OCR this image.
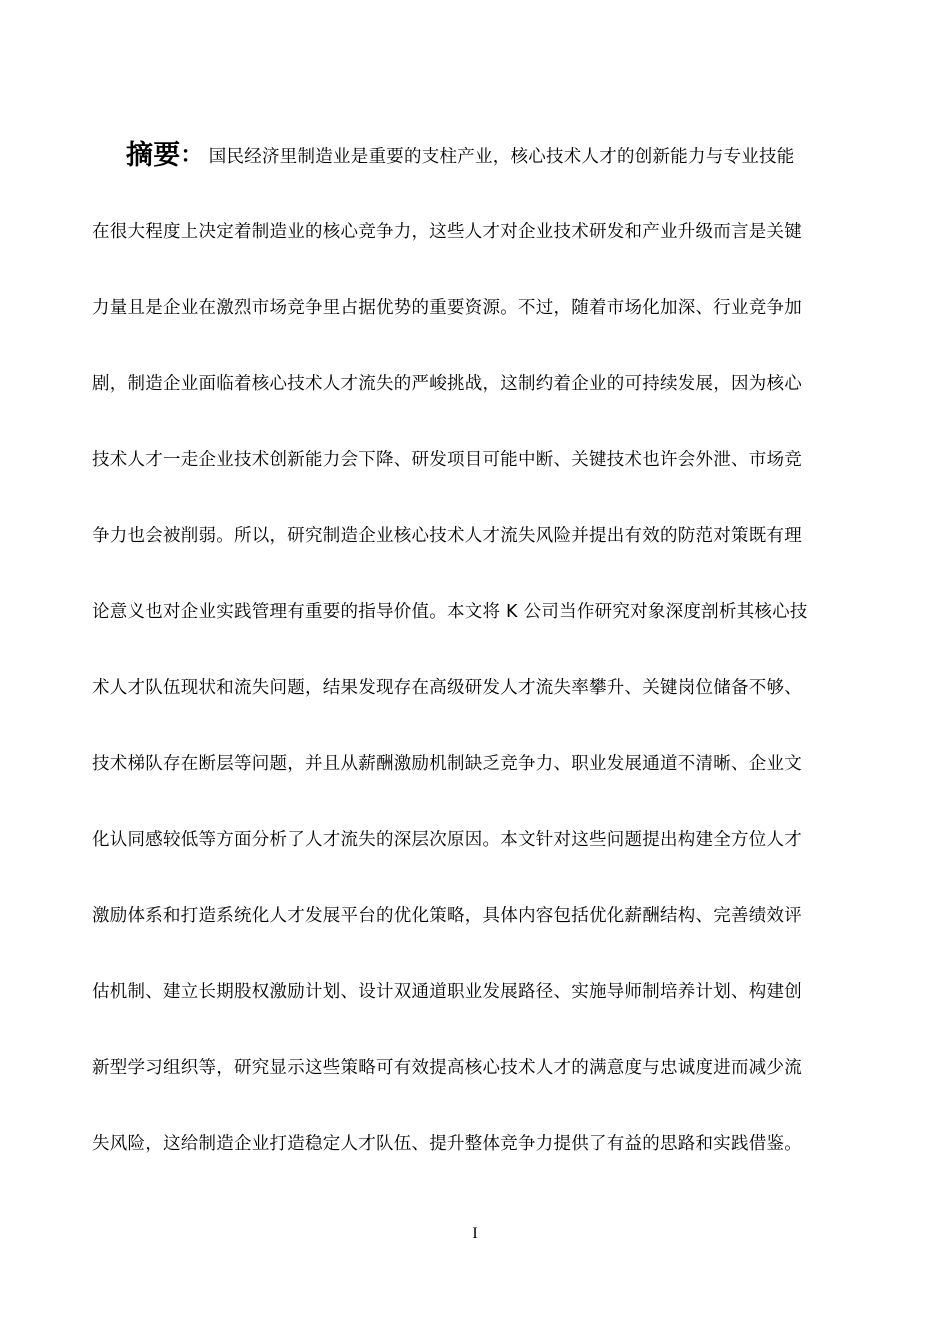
摘要： 国民经济里制造业是重要的支柱产业，核心技术人才的创新能力与专业技能
在很大程度上决定着制造业的核心竞争力，这些人才对企业技术研发和产业升级而言是关键
力量且是企业在激烈市场竞争里占据优势的重要资源。不过，随着市场化加深、行业竞争加
剧，制造企业面临着核心技术人才流失的严峻挑战，这制约着企业的可持续发展，因为核心
技术人才一走企业技术创新能力会下降、研发项目可能中断、关键技术也许会外泄、市场竞
争力也会被削弱。所以，研究制造企业核心技术人才流失风险并提出有效的防范对策既有理
论意义也对企业实践管理有重要的指导价值。本文将 K 公司当作研究对象深度剖析其核心技
术人才队伍现状和流失问题，结果发现存在高级研发人才流失率攀升、关键岗位储备不够、
技术梯队存在断层等问题，并且从薪酬激励机制缺乏竞争力、职业发展通道不清晰、企业文
化认同感较低等方面分析了人才流失的深层次原因。本文针对这些问题提出构建全方位人才
激励体系和打造系统化人才发展平台的优化策略，具体内容包括优化薪酬结构、完善绩效评
估机制、建立长期股权激励计划、设计双通道职业发展路径、实施导师制培养计划、构建创
新型学习组织等，研究显示这些策略可有效提高核心技术人才的满意度与忠诚度进而减少流
失风险，这给制造企业打造稳定人才队伍、提升整体竞争力提供了有益的思路和实践借鉴。
I
